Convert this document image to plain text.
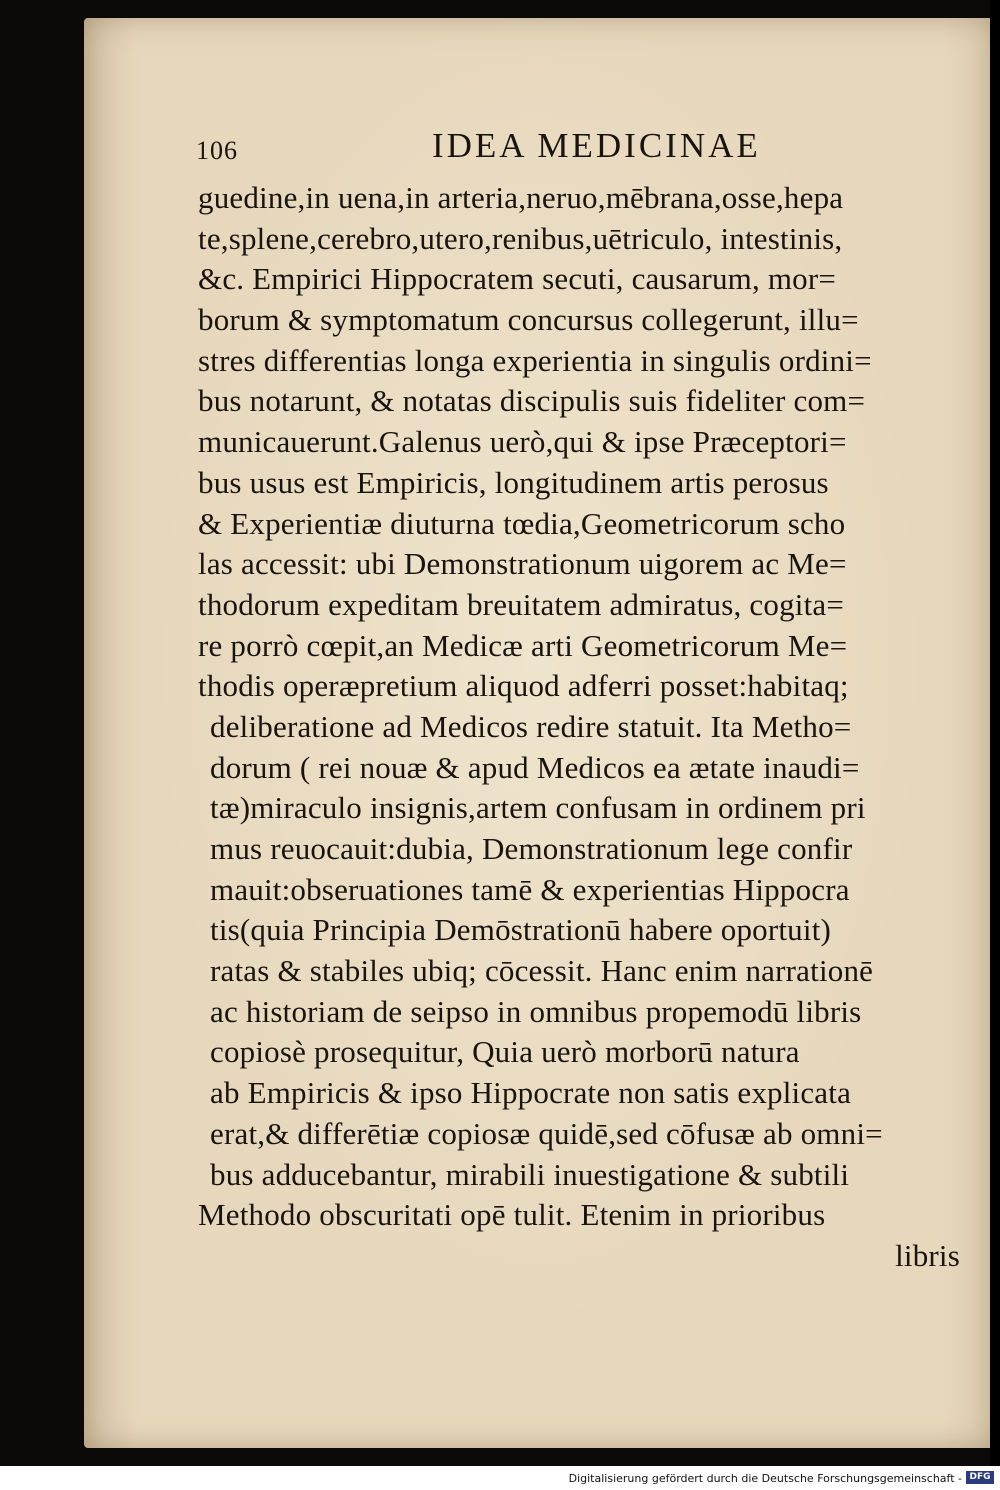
106	IDEA MEDICINAE
guedine,in uena,in arteria,neruo,mēbrana,osse,hepa
te,splene,cerebro,utero,renibus,uētriculo, intestinis,
&c. Empirici Hippocratem secuti, causarum, mor=
borum & symptomatum concursus collegerunt, illu=
stres differentias longa experientia in singulis ordini=
bus notarunt, & notatas discipulis suis fideliter com=
municauerunt.Galenus uerò,qui & ipse Præceptori=
bus usus est Empiricis, longitudinem artis perosus
& Experientiæ diuturna tœdia,Geometricorum scho
las accessit: ubi Demonstrationum uigorem ac Me=
thodorum expeditam breuitatem admiratus, cogita=
re porrò cœpit,an Medicæ arti Geometricorum Me=
thodis operæpretium aliquod adferri posset:habitaq;
deliberatione ad Medicos redire statuit. Ita Metho=
dorum ( rei nouæ & apud Medicos ea ætate inaudi=
tæ)miraculo insignis,artem confusam in ordinem pri
mus reuocauit:dubia, Demonstrationum lege confir
mauit:obseruationes tamē & experientias Hippocra
tis(quia Principia Demōstrationū habere oportuit)
ratas & stabiles ubiq; cōcessit. Hanc enim narrationē
ac historiam de seipso in omnibus propemodū libris
copiosè prosequitur, Quia uerò morborū natura
ab Empiricis & ipso Hippocrate non satis explicata
erat,& differētiæ copiosæ quidē,sed cōfusæ ab omni=
bus adducebantur, mirabili inuestigatione & subtili
Methodo obscuritati opē tulit. Etenim in prioribus
libris
Digitalisierung gefördert durch die Deutsche Forschungsgemeinschaft - DFG
